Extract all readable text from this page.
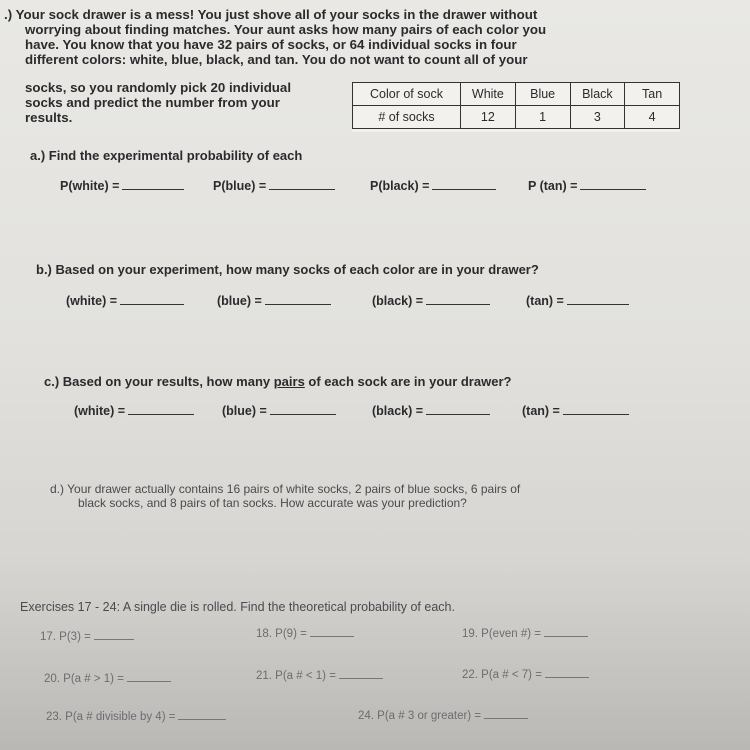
.) Your sock drawer is a mess! You just shove all of your socks in the drawer without
worrying about finding matches. Your aunt asks how many pairs of each color you
have. You know that you have 32 pairs of socks, or 64 individual socks in four
different colors: white, blue, black, and tan. You do not want to count all of your
socks, so you randomly pick 20 individual
socks and predict the number from your
results.
Color of sock	White	Blue	Black	Tan
# of socks	12	1	3	4
a.) Find the experimental probability of each
P(white) =	P(blue) =	P(black) =	P (tan) =
b.) Based on your experiment, how many socks of each color are in your drawer?
(white) =	(blue) =	(black) =	(tan) =
c.) Based on your results, how many pairs of each sock are in your drawer?
(white) =	(blue) =	(black) =	(tan) =
d.) Your drawer actually contains 16 pairs of white socks, 2 pairs of blue socks, 6 pairs of
black socks, and 8 pairs of tan socks. How accurate was your prediction?
Exercises 17 - 24: A single die is rolled. Find the theoretical probability of each.
17. P(3) =	18. P(9) =	19. P(even #) =
20. P(a # > 1) =	21. P(a # < 1) =	22. P(a # < 7) =
23. P(a # divisible by 4) =	24. P(a # 3 or greater) =
